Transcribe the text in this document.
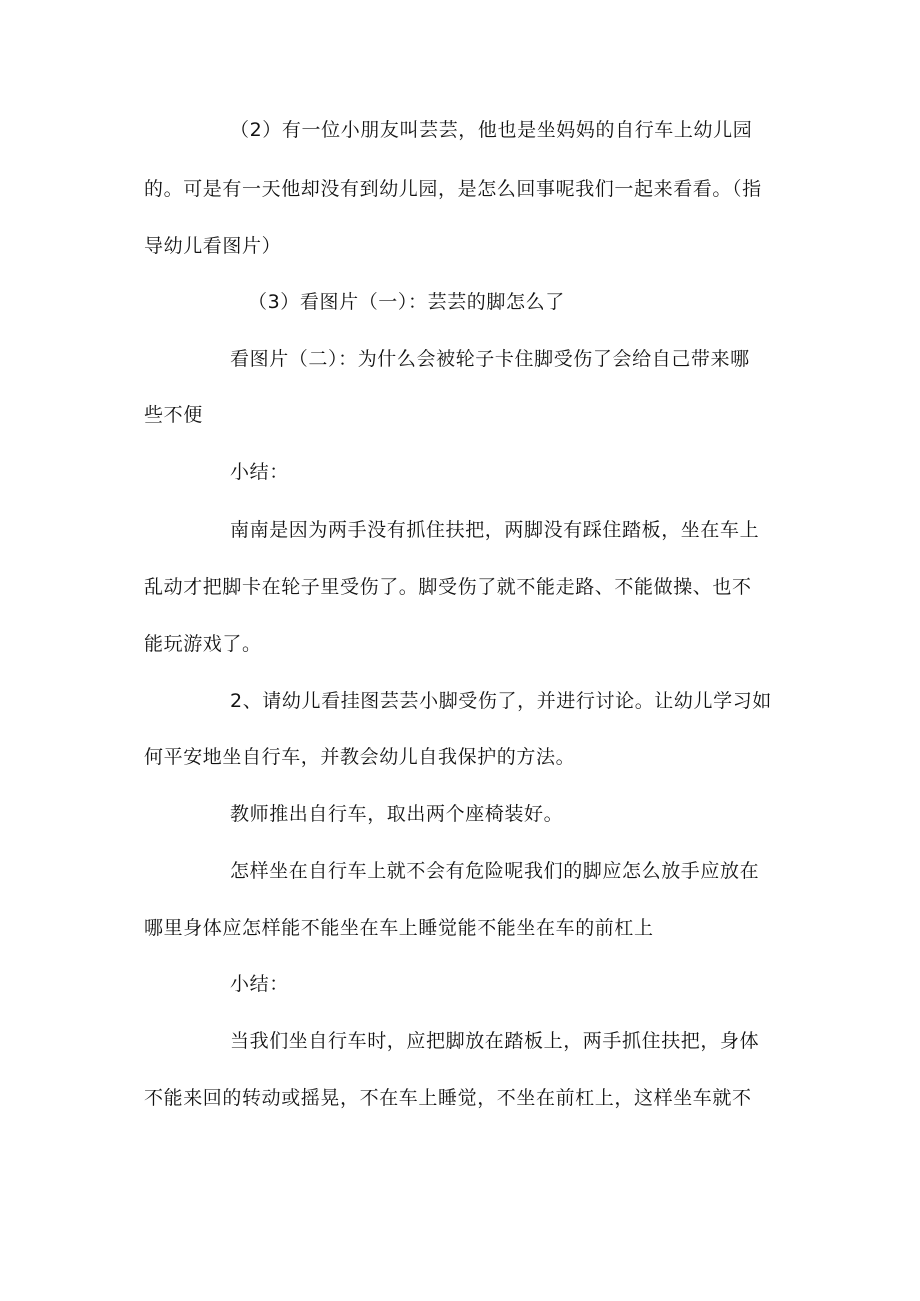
（2）有一位小朋友叫芸芸，他也是坐妈妈的自行车上幼儿园
的。可是有一天他却没有到幼儿园，是怎么回事呢我们一起来看看。（指
导幼儿看图片）
（3）看图片（一）：芸芸的脚怎么了
看图片（二）：为什么会被轮子卡住脚受伤了会给自己带来哪
些不便
小结：
南南是因为两手没有抓住扶把，两脚没有踩住踏板，坐在车上
乱动才把脚卡在轮子里受伤了。脚受伤了就不能走路、不能做操、也不
能玩游戏了。
2、请幼儿看挂图芸芸小脚受伤了，并进行讨论。让幼儿学习如
何平安地坐自行车，并教会幼儿自我保护的方法。
教师推出自行车，取出两个座椅装好。
怎样坐在自行车上就不会有危险呢我们的脚应怎么放手应放在
哪里身体应怎样能不能坐在车上睡觉能不能坐在车的前杠上
小结：
当我们坐自行车时，应把脚放在踏板上，两手抓住扶把，身体
不能来回的转动或摇晃，不在车上睡觉，不坐在前杠上，这样坐车就不
